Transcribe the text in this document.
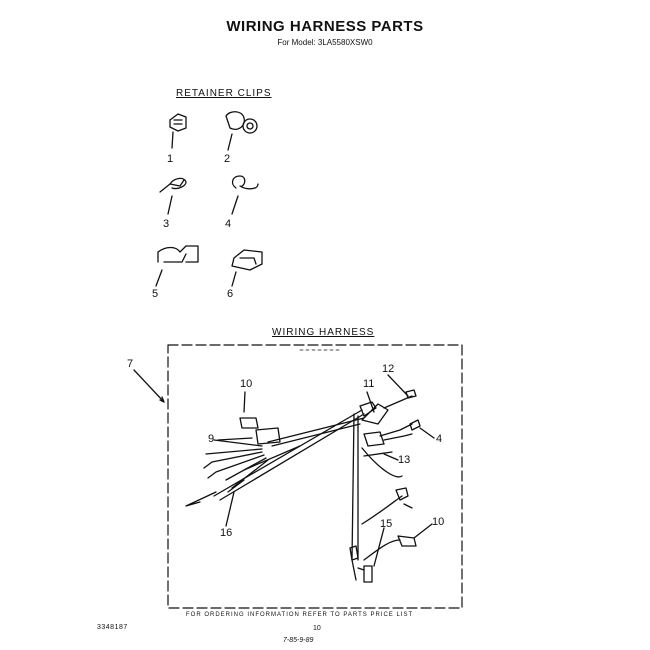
WIRING HARNESS PARTS
For Model: 3LA5580XSW0
RETAINER CLIPS
1	2
3	4
5	6
WIRING HARNESS
7
10	11
12
9	4
13
15	10
16
FOR ORDERING INFORMATION REFER TO PARTS PRICE LIST
3348187	10
7-85-9-89
